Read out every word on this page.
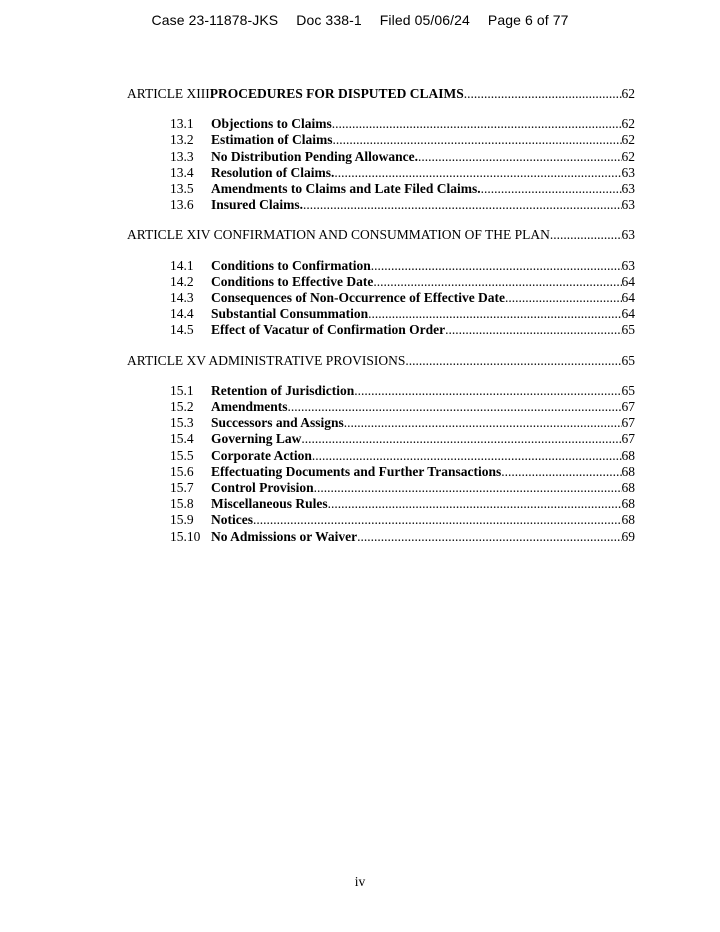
Case 23-11878-JKS Doc 338-1 Filed 05/06/24 Page 6 of 77
ARTICLE XIII PROCEDURES FOR DISPUTED CLAIMS .....	62
13.1	Objections to Claims .....	62
13.2	Estimation of Claims .....	62
13.3	No Distribution Pending Allowance. .....	62
13.4	Resolution of Claims. .....	63
13.5	Amendments to Claims and Late Filed Claims. .....	63
13.6	Insured Claims. .....	63
ARTICLE XIV CONFIRMATION AND CONSUMMATION OF THE PLAN .....	63
14.1	Conditions to Confirmation .....	63
14.2	Conditions to Effective Date .....	64
14.3	Consequences of Non-Occurrence of Effective Date .....	64
14.4	Substantial Consummation .....	64
14.5	Effect of Vacatur of Confirmation Order .....	65
ARTICLE XV ADMINISTRATIVE PROVISIONS .....	65
15.1	Retention of Jurisdiction .....	65
15.2	Amendments .....	67
15.3	Successors and Assigns .....	67
15.4	Governing Law .....	67
15.5	Corporate Action .....	68
15.6	Effectuating Documents and Further Transactions .....	68
15.7	Control Provision .....	68
15.8	Miscellaneous Rules .....	68
15.9	Notices .....	68
15.10 No Admissions or Waiver .....	69
iv
